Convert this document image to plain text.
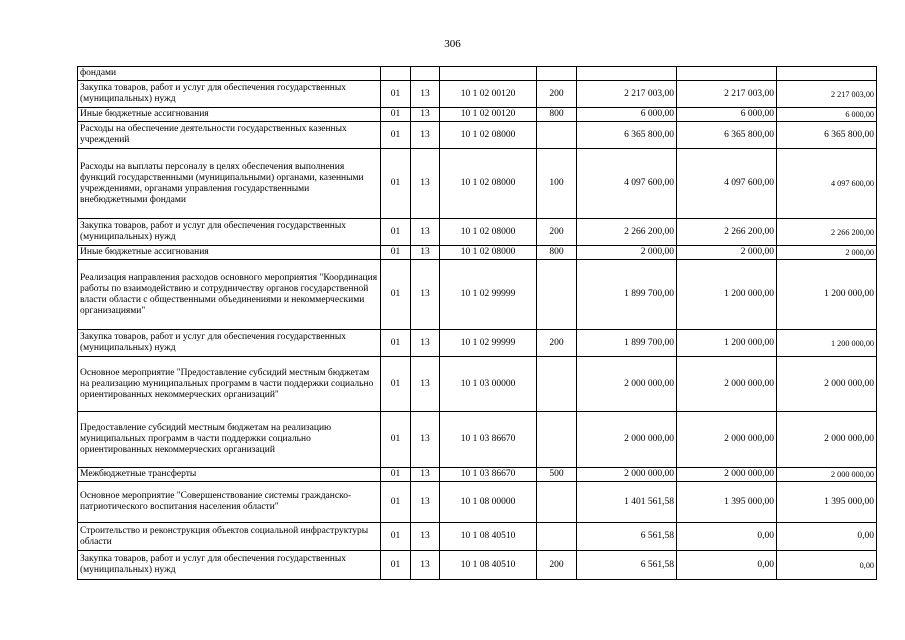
306
фондами							
Закупка товаров, работ и услуг для обеспечения государственных (муниципальных) нужд	01	13	10 1 02 00120	200	2 217 003,00	2 217 003,00	2 217 003,00
Иные бюджетные ассигнования	01	13	10 1 02 00120	800	6 000,00	6 000,00	6 000,00
Расходы на обеспечение деятельности государственных казенных учреждений	01	13	10 1 02 08000		6 365 800,00	6 365 800,00	6 365 800,00
Расходы на выплаты персоналу в целях обеспечения выполнения функций государственными (муниципальными) органами, казенными учреждениями, органами управления государственными внебюджетными фондами	01	13	10 1 02 08000	100	4 097 600,00	4 097 600,00	4 097 600,00
Закупка товаров, работ и услуг для обеспечения государственных (муниципальных) нужд	01	13	10 1 02 08000	200	2 266 200,00	2 266 200,00	2 266 200,00
Иные бюджетные ассигнования	01	13	10 1 02 08000	800	2 000,00	2 000,00	2 000,00
Реализация направления расходов основного мероприятия "Координация работы по взаимодействию и сотрудничеству органов государственной власти области с общественными объединениями и некоммерческими организациями"	01	13	10 1 02 99999		1 899 700,00	1 200 000,00	1 200 000,00
Закупка товаров, работ и услуг для обеспечения государственных (муниципальных) нужд	01	13	10 1 02 99999	200	1 899 700,00	1 200 000,00	1 200 000,00
Основное мероприятие "Предоставление субсидий местным бюджетам на реализацию муниципальных программ в части поддержки социально ориентированных некоммерческих организаций"	01	13	10 1 03 00000		2 000 000,00	2 000 000,00	2 000 000,00
Предоставление субсидий местным бюджетам на реализацию муниципальных программ в части поддержки социально ориентированных некоммерческих организаций	01	13	10 1 03 86670		2 000 000,00	2 000 000,00	2 000 000,00
Межбюджетные трансферты	01	13	10 1 03 86670	500	2 000 000,00	2 000 000,00	2 000 000,00
Основное мероприятие "Совершенствование системы гражданско-патриотического воспитания населения области"	01	13	10 1 08 00000		1 401 561,58	1 395 000,00	1 395 000,00
Строительство и реконструкция объектов социальной инфраструктуры области	01	13	10 1 08 40510		6 561,58	0,00	0,00
Закупка товаров, работ и услуг для обеспечения государственных (муниципальных) нужд	01	13	10 1 08 40510	200	6 561,58	0,00	0,00
